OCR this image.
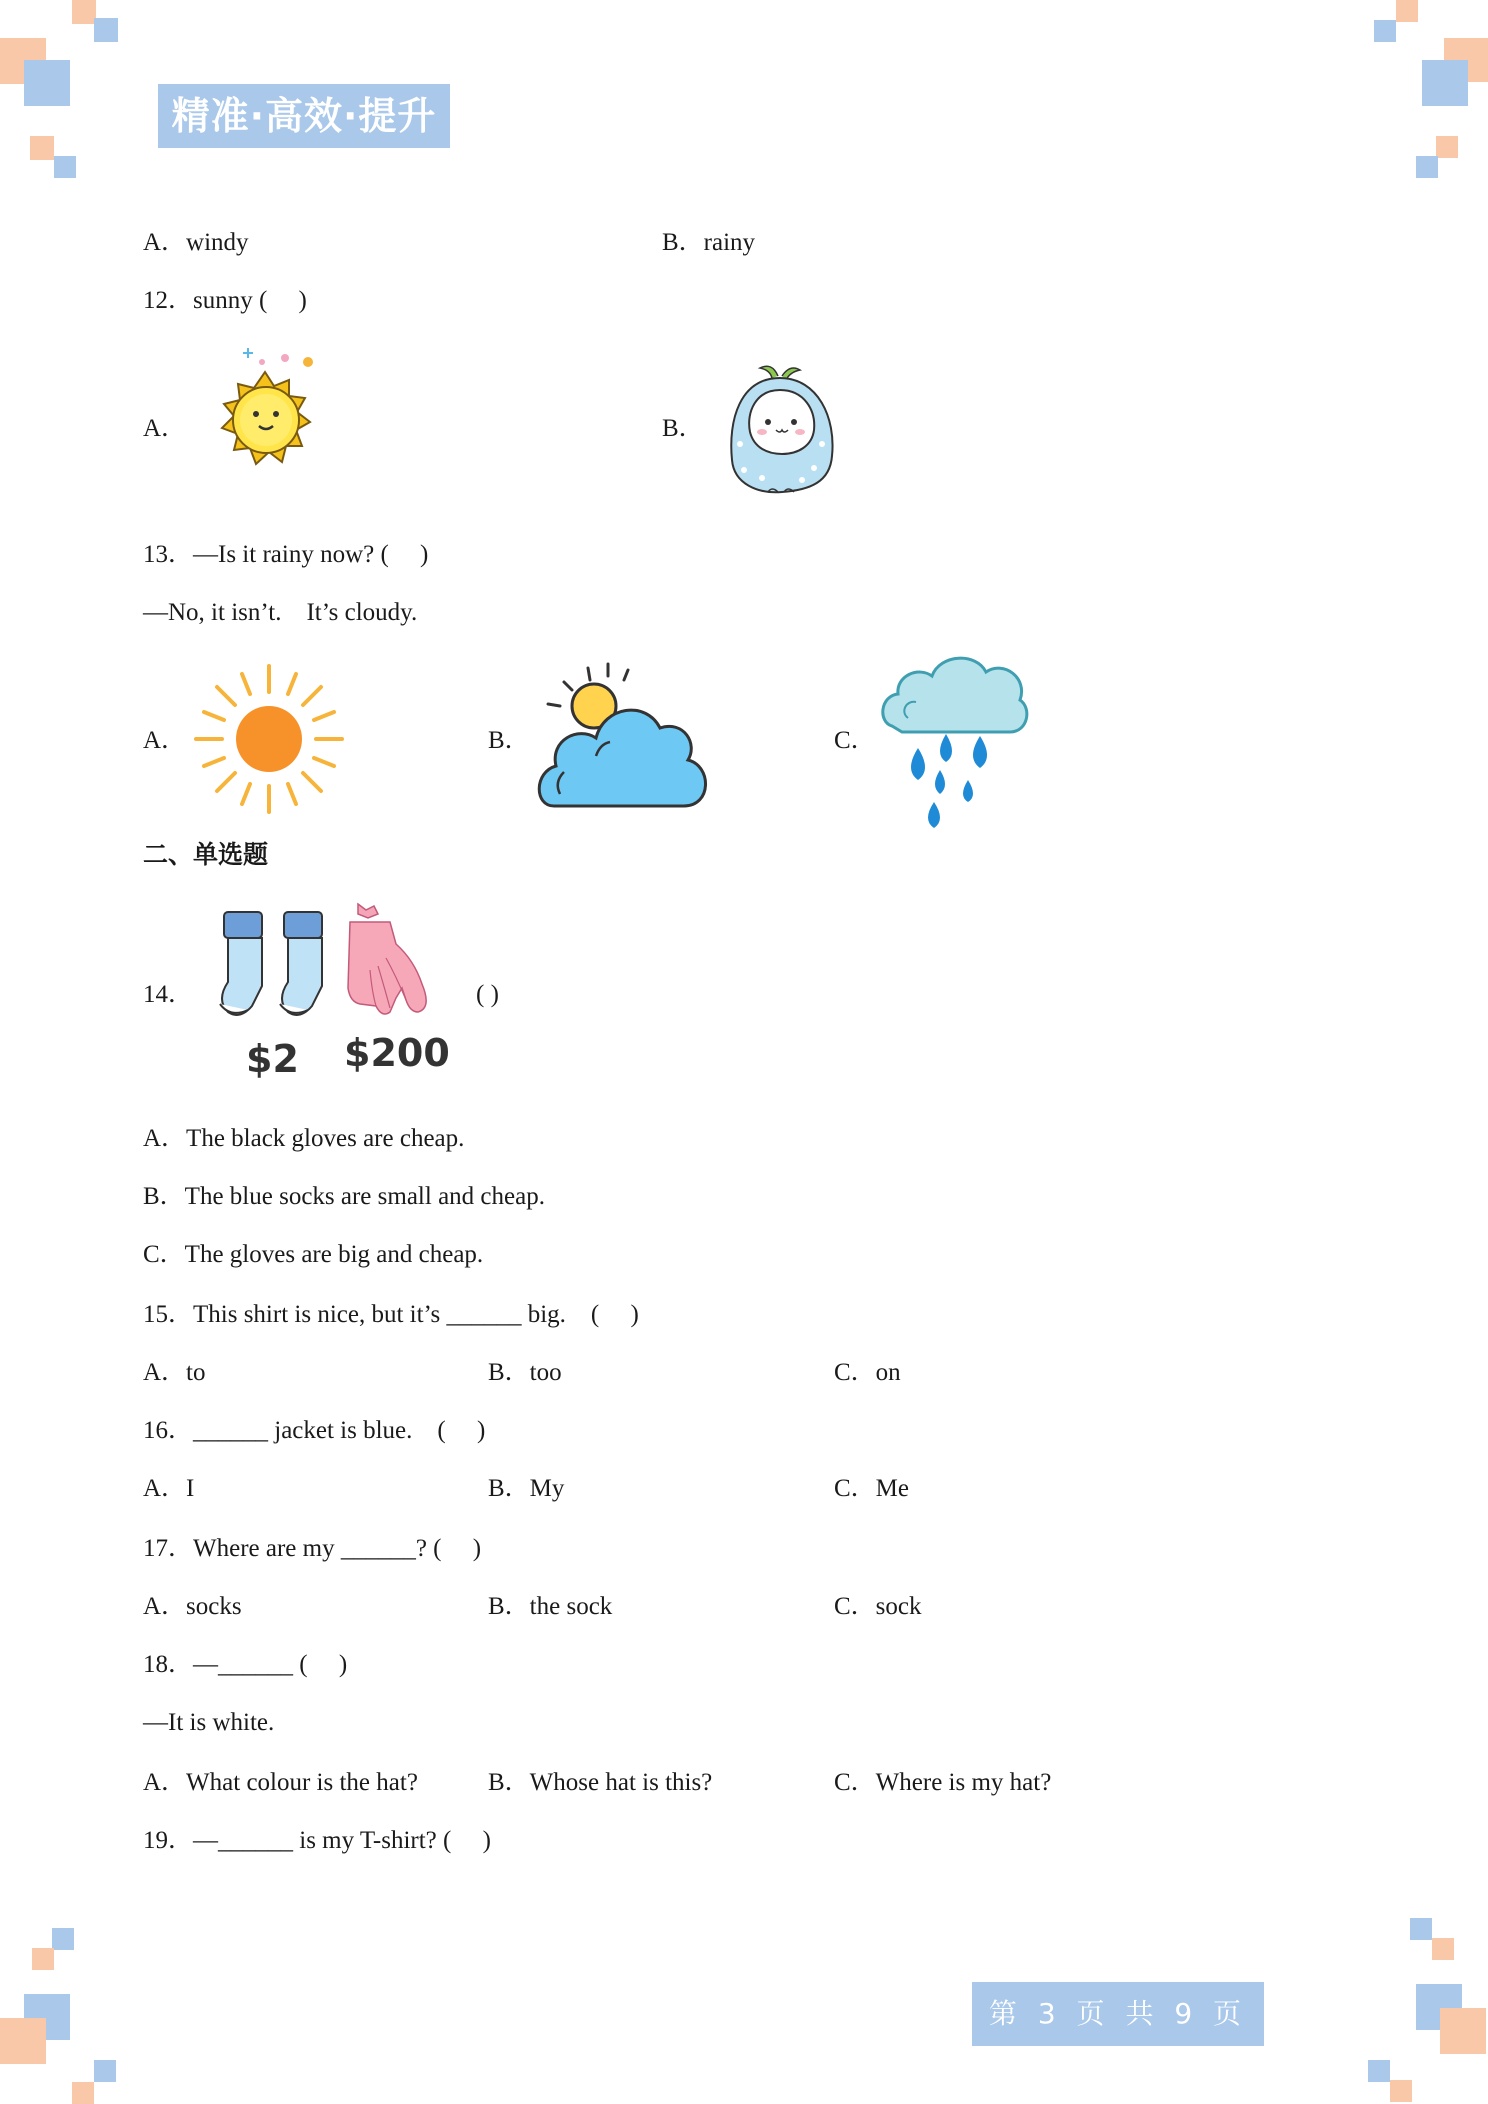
精准·高效·提升
A．windy	B．rainy
12．sunny (　 )
A．	B．
13．—Is it rainy now? (　 )
—No, it isn’t.　It’s cloudy.
A．	B．	C．
二、单选题
14．
$2 $200
( )
A．The black gloves are cheap.
B．The blue socks are small and cheap.
C．The gloves are big and cheap.
15．This shirt is nice, but it’s ______ big.　(　 )
A．to	B．too	C．on
16．______ jacket is blue.　(　 )
A．I	B．My	C．Me
17．Where are my ______? (　 )
A．socks	B．the sock	C．sock
18．—______ (　 )
—It is white.
A．What colour is the hat?	B．Whose hat is this?	C．Where is my hat?
19．—______ is my T-shirt? (　 )
第 3 页 共 9 页
